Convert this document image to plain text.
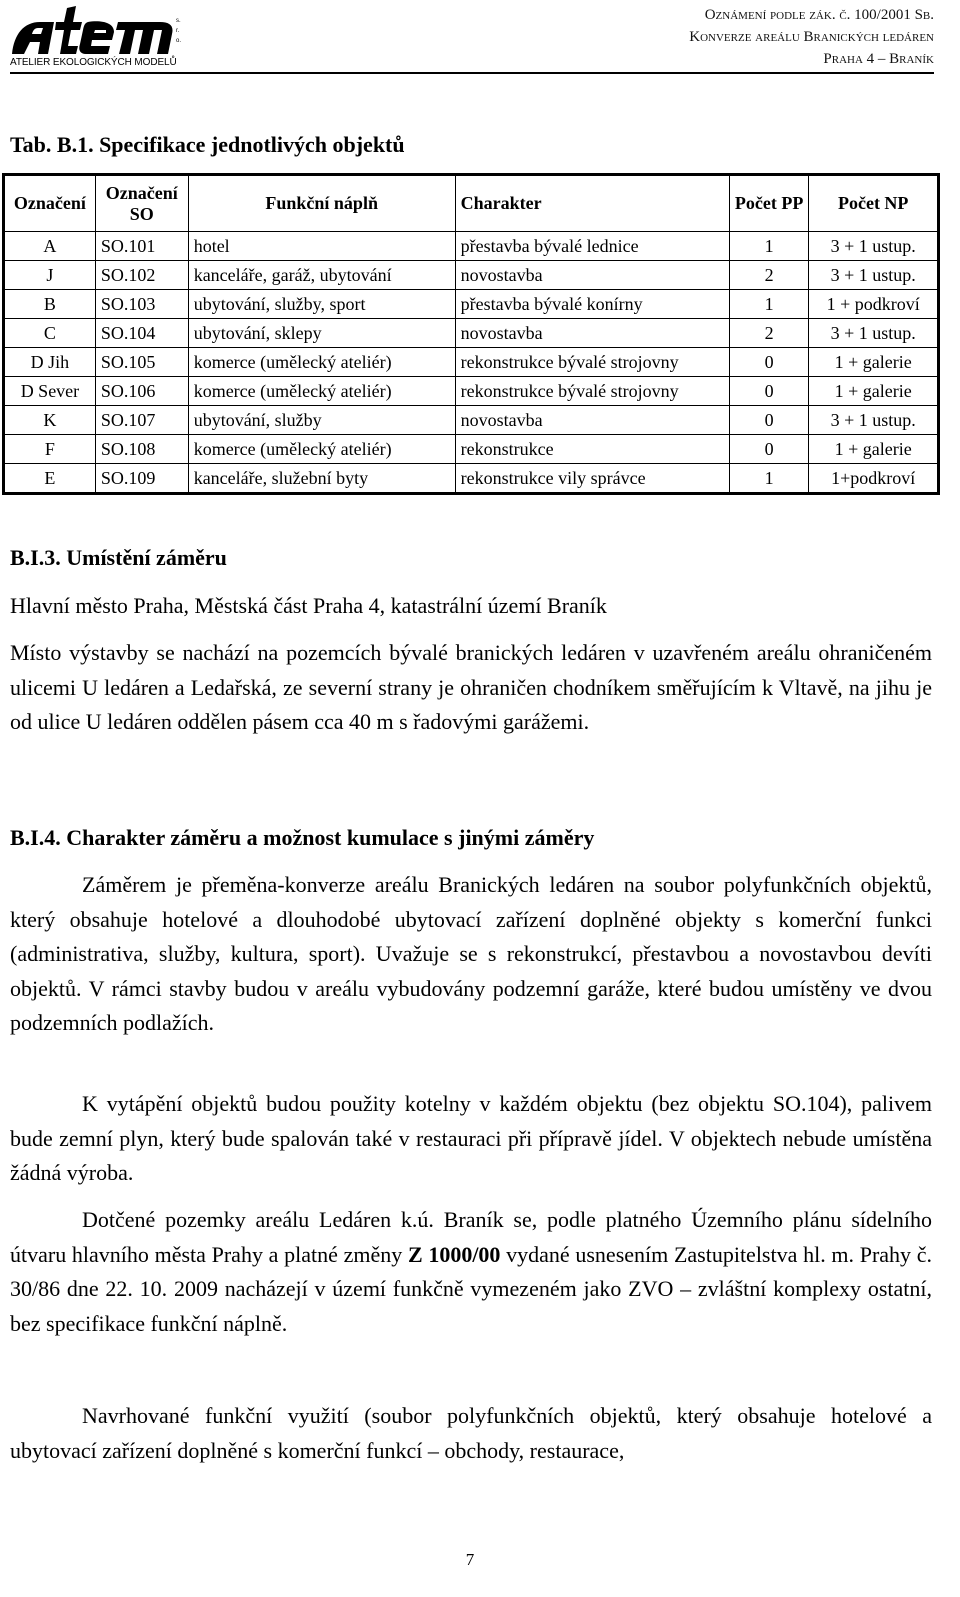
s.
r.
o.
ATELIER EKOLOGICKÝCH MODELŮ
Oznámení podle zák. č. 100/2001 Sb.
Konverze areálu Branických ledáren
Praha 4 – Braník
Tab. B.1. Specifikace jednotlivých objektů
Označení	Označení SO	Funkční náplň	Charakter	Počet PP	Počet NP
A	SO.101	hotel	přestavba bývalé lednice	1	3 + 1 ustup.
J	SO.102	kanceláře, garáž, ubytování	novostavba	2	3 + 1 ustup.
B	SO.103	ubytování, služby, sport	přestavba bývalé konírny	1	1 + podkroví
C	SO.104	ubytování, sklepy	novostavba	2	3 + 1 ustup.
D Jih	SO.105	komerce (umělecký ateliér)	rekonstrukce bývalé strojovny	0	1 + galerie
D Sever	SO.106	komerce (umělecký ateliér)	rekonstrukce bývalé strojovny	0	1 + galerie
K	SO.107	ubytování, služby	novostavba	0	3 + 1 ustup.
F	SO.108	komerce (umělecký ateliér)	rekonstrukce	0	1 + galerie
E	SO.109	kanceláře, služební byty	rekonstrukce vily správce	1	1+podkroví
B.I.3. Umístění záměru
Hlavní město Praha, Městská část Praha 4, katastrální území Braník
Místo výstavby se nachází na pozemcích bývalé branických ledáren v uzavřeném areálu ohraničeném ulicemi U ledáren a Ledařská, ze severní strany je ohraničen chodníkem směřujícím k Vltavě, na jihu je od ulice U ledáren oddělen pásem cca 40 m s řadovými garážemi.
B.I.4. Charakter záměru a možnost kumulace s jinými záměry
Záměrem je přeměna-konverze areálu Branických ledáren na soubor polyfunkčních objektů, který obsahuje hotelové a dlouhodobé ubytovací zařízení doplněné objekty s komerční funkci (administrativa, služby, kultura, sport). Uvažuje se s rekonstrukcí, přestavbou a novostavbou devíti objektů. V rámci stavby budou v areálu vybudovány podzemní garáže, které budou umístěny ve dvou podzemních podlažích.
K vytápění objektů budou použity kotelny v každém objektu (bez objektu SO.104), palivem bude zemní plyn, který bude spalován také v restauraci při přípravě jídel. V objektech nebude umístěna žádná výroba.
Dotčené pozemky areálu Ledáren k.ú. Braník se, podle platného Územního plánu sídelního útvaru hlavního města Prahy a platné změny Z 1000/00 vydané usnesením Zastupitelstva hl. m. Prahy č. 30/86 dne 22. 10. 2009 nacházejí v území funkčně vymezeném jako ZVO – zvláštní komplexy ostatní, bez specifikace funkční náplně.
Navrhované funkční využití (soubor polyfunkčních objektů, který obsahuje hotelové a ubytovací zařízení doplněné s komerční funkcí – obchody, restaurace,
7
